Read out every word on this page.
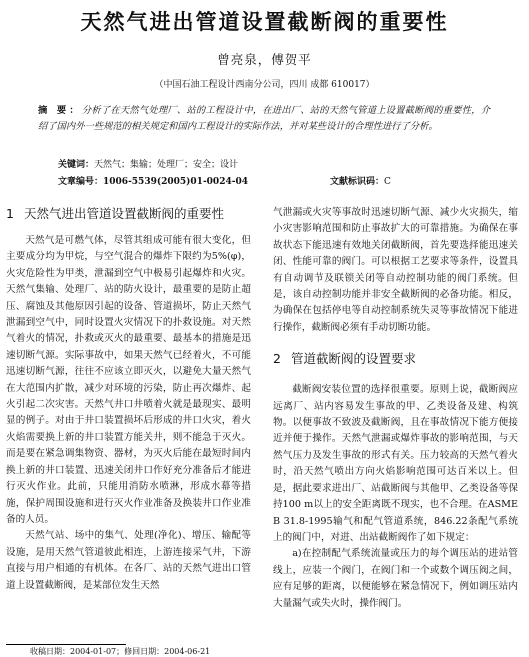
天然气进出管道设置截断阀的重要性
曾亮泉，傅贺平
（中国石油工程设计西南分公司，四川 成都 610017）
摘 要：分析了在天然气处理厂、站的工程设计中，在进出厂、站的天然气管道上设置截断阀的重要性，介绍了国内外一些规范的相关规定和国内工程设计的实际作法，并对某些设计的合理性进行了分析。
关键词：天然气；集输；处理厂；安全；设计
文章编号：1006-5539(2005)01-0024-04	文献标识码：C
1 天然气进出管道设置截断阀的重要性

天然气是可燃气体，尽管其组成可能有很大变化，但主要成分均为甲烷，与空气混合的爆炸下限约为5%(φ)，火灾危险性为甲类，泄漏到空气中极易引起爆炸和火灾。天然气集输、处理厂、站的防火设计，最重要的是防止超压、腐蚀及其他原因引起的设备、管道损坏，防止天然气泄漏到空气中，同时设置火灾情况下的扑救设施。对天然气着火的情况，扑救或灭火的最重要、最基本的措施是迅速切断气源。实际事故中，如果天然气已经着火，不可能迅速切断气源，往往不应该立即灭火，以避免大量天然气在大范围内扩散，减少对环境的污染，防止再次爆炸、起火引起二次灾害。天然气井口井喷着火就是最现实、最明显的例子。对由于井口装置损坏后形成的井口火灾，着火火焰需要换上新的井口装置方能关井，则不能急于灭火。而是要在紧急调集物资、器材，为灭火后能在最短时间内换上新的井口装置、迅速关闭井口作好充分准备后才能进行灭火作业。此前，只能用消防水喷淋，形成水幕等措施，保护周围设施和进行灭火作业准备及换装井口作业准备的人员。

天然气站、场中的集气、处理(净化)、增压、输配等设施，是用天然气管道彼此相连，上游连接采气井，下游直接与用户相通的有机体。在各厂、站的天然气进出口管道上设置截断阀，是某部位发生天然

气泄漏或火灾等事故时迅速切断气源、减少火灾损失，缩小灾害影响范围和防止事故扩大的可靠措施。为确保在事故状态下能迅速有效地关闭截断阀，首先要选择能迅速关闭、性能可靠的阀门。可以根据工艺要求等条件，设置具有自动调节及联锁关闭等自动控制功能的阀门系统。但是，该自动控制功能并非安全截断阀的必备功能。相反，为确保在包括停电等自动控制系统失灵等事故情况下能进行操作，截断阀必须有手动切断功能。

2 管道截断阀的设置要求

截断阀安装位置的选择很重要。原则上说，截断阀应远离厂、站内容易发生事故的甲、乙类设备及建、构筑物。以便事故不致波及截断阀，且在事故情况下能方便接近并便于操作。天然气泄漏或爆炸事故的影响范围，与天然气压力及发生事故的形式有关。压力较高的天然气着火时，沿天然气喷出方向火焰影响范围可达百米以上。但是，据此要求进出厂、站截断阀与其他甲、乙类设备等保持100 m以上的安全距离既不现实，也不合理。在ASME B 31.8-1995输气和配气管道系统，846.22条配气系统上的阀门中，对进、出站截断阀作了如下规定：

a)在控制配气系统流量或压力的每个调压站的进站管线上，应装一个阀门，在阀门和一个或数个调压阀之间，应有足够的距离，以便能够在紧急情况下，例如调压站内大量漏气或失火时，操作阀门。

收稿日期：2004-01-07；修回日期：2004-06-21
